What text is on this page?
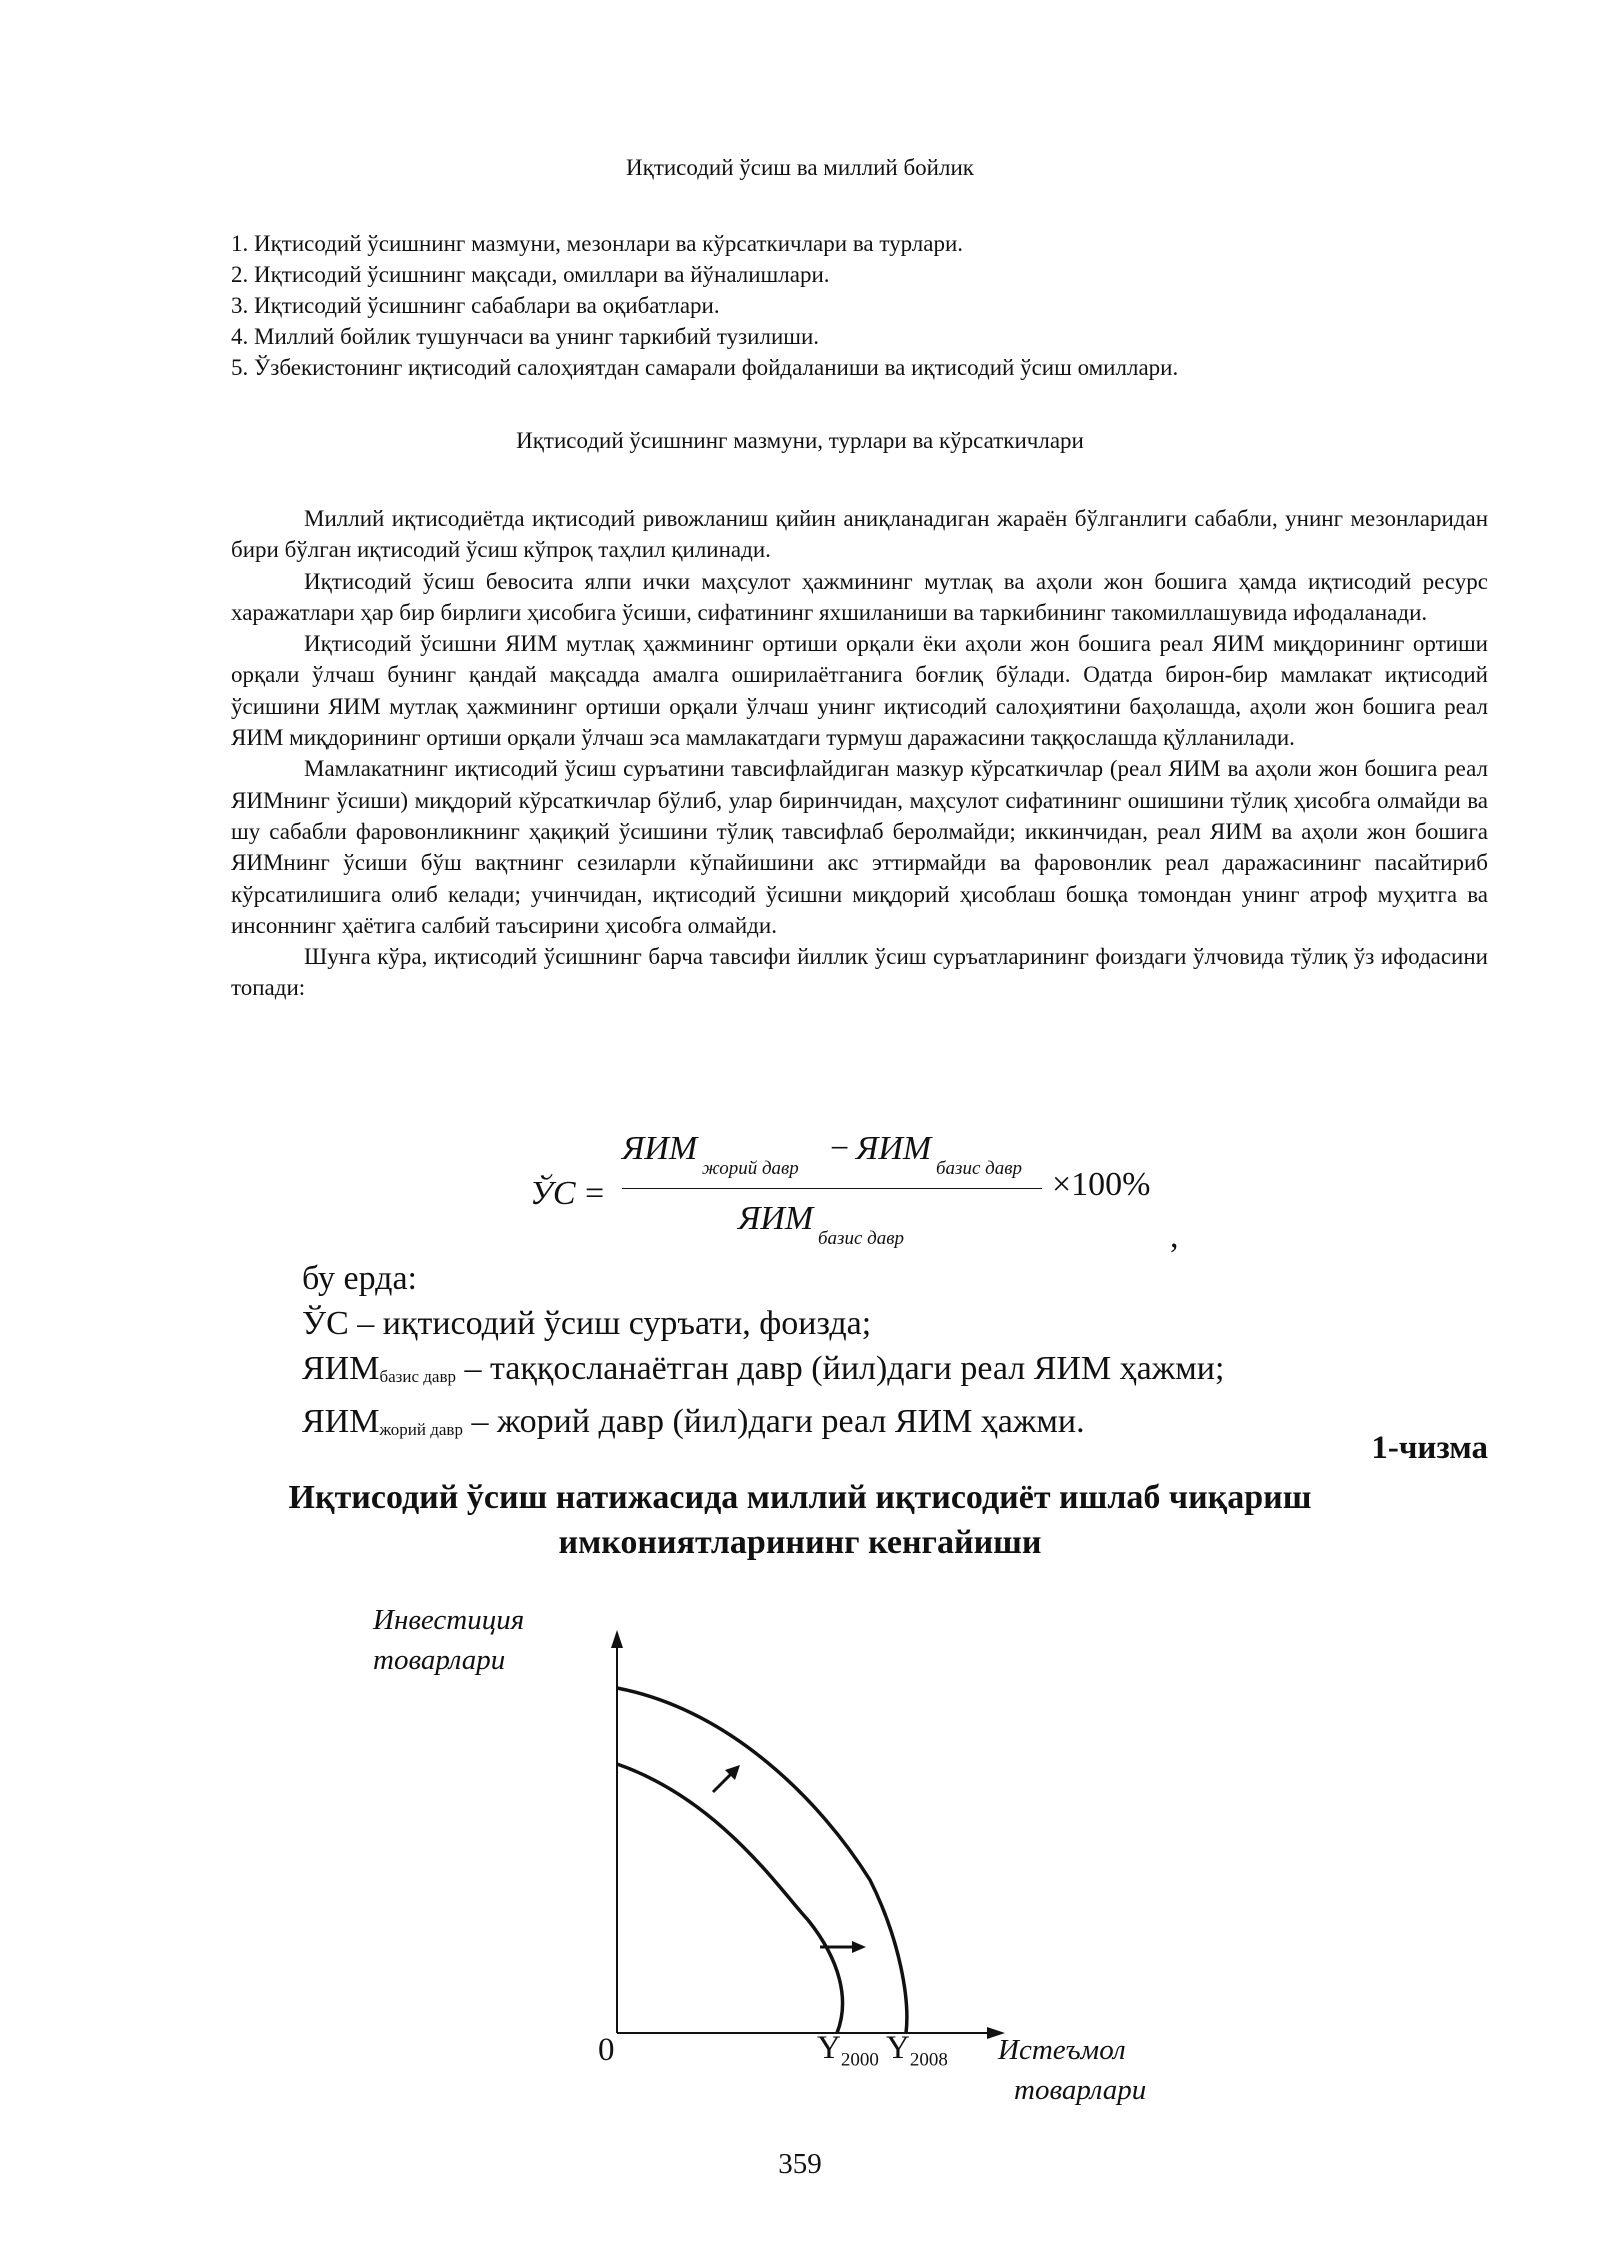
Иқтисодий ўсиш ва миллий бойлик
1. Иқтисодий ўсишнинг мазмуни, мезонлари ва кўрсаткичлари ва турлари.
2. Иқтисодий ўсишнинг мақсади, омиллари ва йўналишлари.
3. Иқтисодий ўсишнинг сабаблари ва оқибатлари.
4. Миллий бойлик тушунчаси ва унинг таркибий тузилиши.
5. Ўзбекистонинг иқтисодий салоҳиятдан самарали фойдаланиши ва иқтисодий ўсиш омиллари.
Иқтисодий ўсишнинг мазмуни, турлари ва кўрсаткичлари

Миллий иқтисодиётда иқтисодий ривожланиш қийин аниқланадиган жараён бўлганлиги сабабли, унинг мезонларидан бири бўлган иқтисодий ўсиш кўпроқ таҳлил қилинади.

Иқтисодий ўсиш бевосита ялпи ички маҳсулот ҳажмининг мутлақ ва аҳоли жон бошига ҳамда иқтисодий ресурс харажатлари ҳар бир бирлиги ҳисобига ўсиши, сифатининг яхшиланиши ва таркибининг такомиллашувида ифодаланади.

Иқтисодий ўсишни ЯИМ мутлақ ҳажмининг ортиши орқали ёки аҳоли жон бошига реал ЯИМ миқдорининг ортиши орқали ўлчаш бунинг қандай мақсадда амалга оширилаётганига боғлиқ бўлади. Одатда бирон-бир мамлакат иқтисодий ўсишини ЯИМ мутлақ ҳажмининг ортиши орқали ўлчаш унинг иқтисодий салоҳиятини баҳолашда, аҳоли жон бошига реал ЯИМ миқдорининг ортиши орқали ўлчаш эса мамлакатдаги турмуш даражасини таққослашда қўлланилади.

Мамлакатнинг иқтисодий ўсиш суръатини тавсифлайдиган мазкур кўрсаткичлар (реал ЯИМ ва аҳоли жон бошига реал ЯИМнинг ўсиши) миқдорий кўрсаткичлар бўлиб, улар биринчидан, маҳсулот сифатининг ошишини тўлиқ ҳисобга олмайди ва шу сабабли фаровонликнинг ҳақиқий ўсишини тўлиқ тавсифлаб беролмайди; иккинчидан, реал ЯИМ ва аҳоли жон бошига ЯИМнинг ўсиши бўш вақтнинг сезиларли кўпайишини акс эттирмайди ва фаровонлик реал даражасининг пасайтириб кўрсатилишига олиб келади; учинчидан, иқтисодий ўсишни миқдорий ҳисоблаш бошқа томондан унинг атроф муҳитга ва инсоннинг ҳаётига салбий таъсирини ҳисобга олмайди.

Шунга кўра, иқтисодий ўсишнинг барча тавсифи йиллик ўсиш суръатларининг фоиздаги ўлчовида тўлиқ ўз ифодасини топади:

ЎС =
ЯИМ
жорий давр
− ЯИМ
базис давр
ЯИМ
базис давр
×100%
,
бу ерда:
ЎС – иқтисодий ўсиш суръати, фоизда;
$ЯИМ_{базис давр}$ – таққосланаётган давр (йил)даги реал ЯИМ ҳажми;
$ЯИМ_{жорий давр}$ – жорий давр (йил)даги реал ЯИМ ҳажми.
1-чизма
Иқтисодий ўсиш натижасида миллий иқтисодиёт ишлаб чиқариш
имкониятларининг кенгайиши
Инвестиция
товарлари
0	$Y_{2000}$ $Y_{2008}$ Истеъмол
товарлари
359
